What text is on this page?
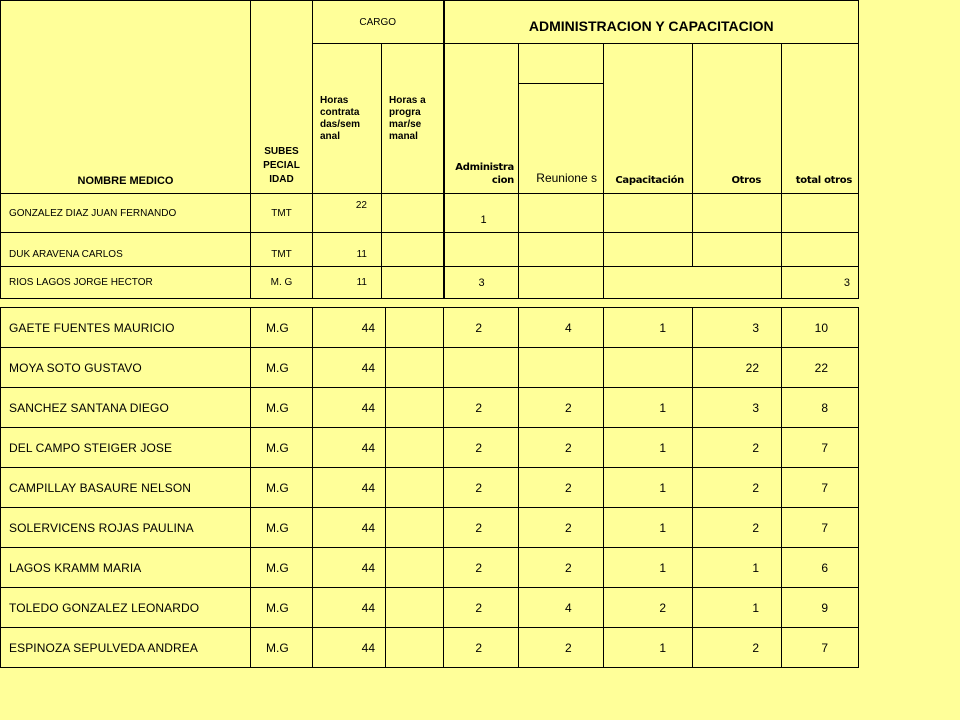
NOMBRE MEDICO	SUBES PECIAL IDAD	CARGO		ADMINISTRACION Y CAPACITACION				

		Horas contrata das/sem anal	Horas a progra mar/se manal	Administra cion		Capacitación	Otros	total otros

					Reunione s			

GONZALEZ DIAZ JUAN FERNANDO	TMT	22		1				
DUK ARAVENA CARLOS	TMT	11						
RIOS LAGOS JORGE HECTOR	M. G	11		3				3
GAETE FUENTES MAURICIO	M.G	44		2	4	1	3	10
MOYA SOTO GUSTAVO	M.G	44					22	22
SANCHEZ SANTANA DIEGO	M.G	44		2	2	1	3	8
DEL CAMPO STEIGER JOSE	M.G	44		2	2	1	2	7
CAMPILLAY BASAURE NELSON	M.G	44		2	2	1	2	7
SOLERVICENS ROJAS PAULINA	M.G	44		2	2	1	2	7
LAGOS KRAMM MARIA	M.G	44		2	2	1	1	6
TOLEDO GONZALEZ LEONARDO	M.G	44		2	4	2	1	9
ESPINOZA SEPULVEDA ANDREA	M.G	44		2	2	1	2	7
